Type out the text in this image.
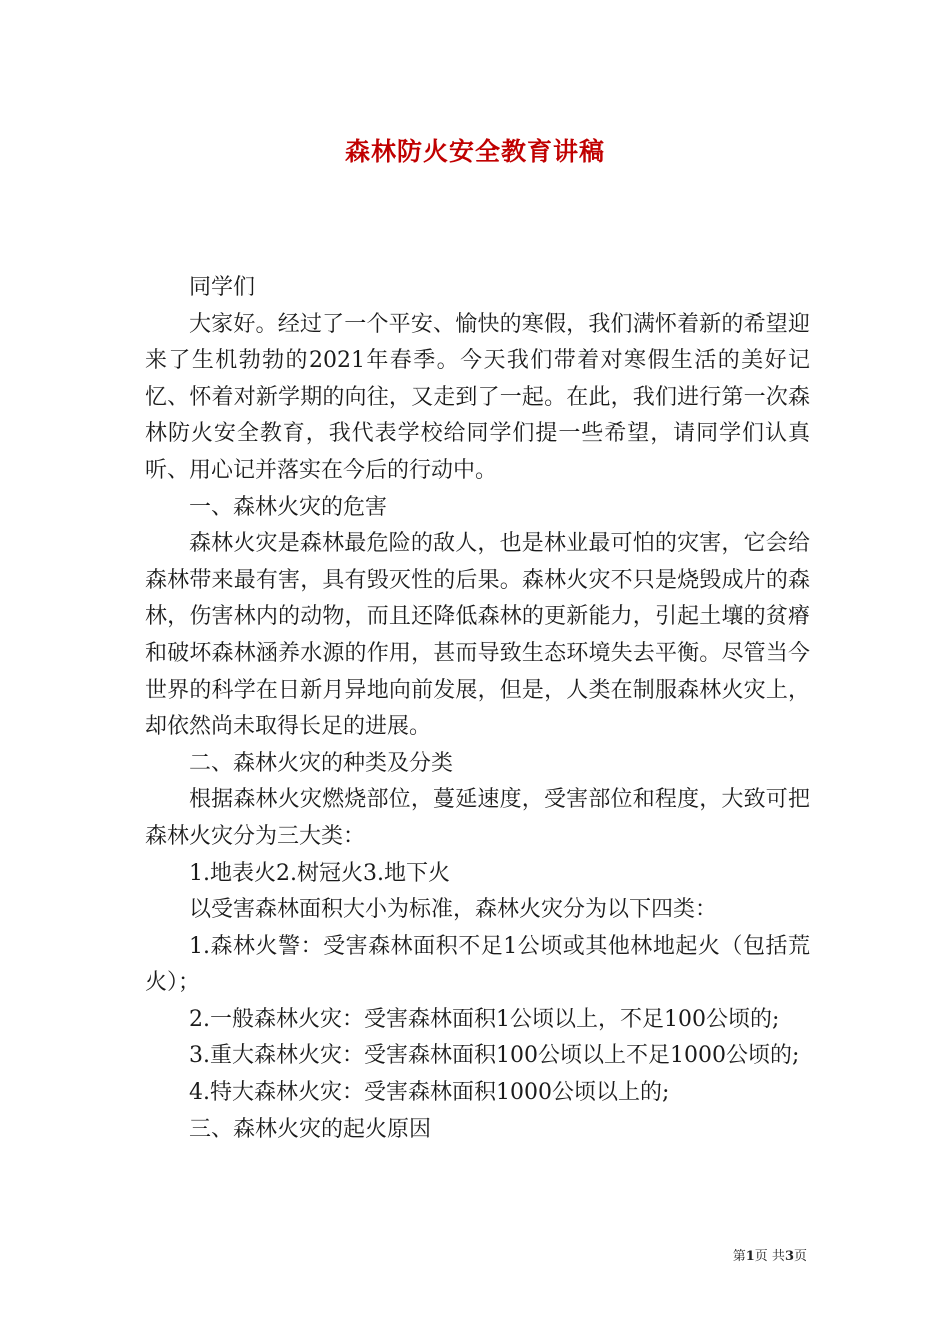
森林防火安全教育讲稿

同学们

大家好。经过了一个平安、愉快的寒假，我们满怀着新的希望迎来了生机勃勃的2021年春季。今天我们带着对寒假生活的美好记忆、怀着对新学期的向往，又走到了一起。在此，我们进行第一次森林防火安全教育，我代表学校给同学们提一些希望，请同学们认真听、用心记并落实在今后的行动中。

一、森林火灾的危害

森林火灾是森林最危险的敌人，也是林业最可怕的灾害，它会给森林带来最有害，具有毁灭性的后果。森林火灾不只是烧毁成片的森林，伤害林内的动物，而且还降低森林的更新能力，引起土壤的贫瘠和破坏森林涵养水源的作用，甚而导致生态环境失去平衡。尽管当今世界的科学在日新月异地向前发展，但是，人类在制服森林火灾上，却依然尚未取得长足的进展。

二、森林火灾的种类及分类

根据森林火灾燃烧部位，蔓延速度，受害部位和程度，大致可把森林火灾分为三大类：

1.地表火2.树冠火3.地下火

以受害森林面积大小为标准，森林火灾分为以下四类：

1.森林火警：受害森林面积不足1公顷或其他林地起火（包括荒火）；

2.一般森林火灾：受害森林面积1公顷以上，不足100公顷的;

3.重大森林火灾：受害森林面积100公顷以上不足1000公顷的;

4.特大森林火灾：受害森林面积1000公顷以上的;

三、森林火灾的起火原因

第1页 共3页
